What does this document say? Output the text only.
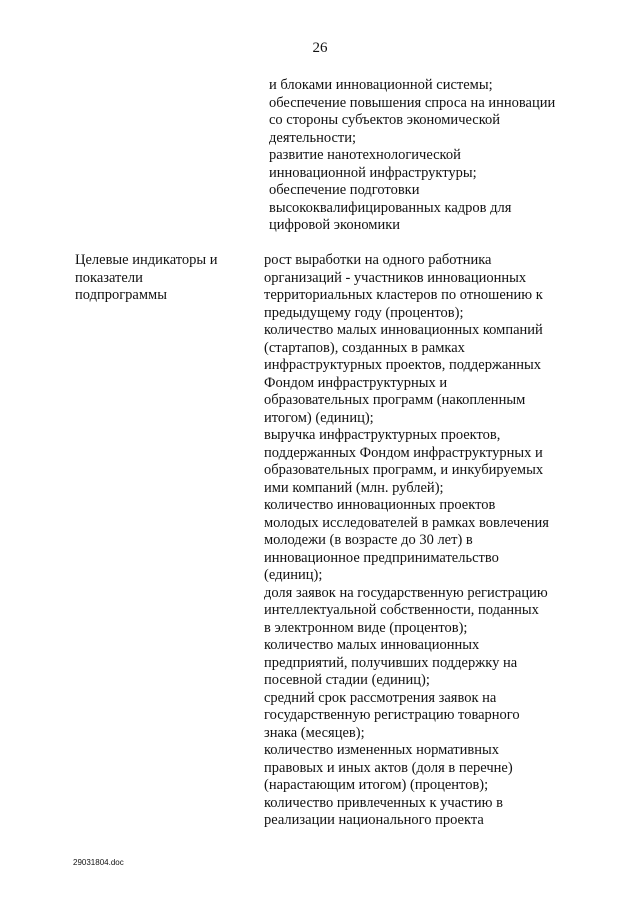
26
и блоками инновационной системы;
обеспечение повышения спроса на инновации
со стороны субъектов экономической
деятельности;
развитие нанотехнологической
инновационной инфраструктуры;
обеспечение подготовки
высококвалифицированных кадров для
цифровой экономики
Целевые индикаторы и
показатели
подпрограммы
рост выработки на одного работника
организаций - участников инновационных
территориальных кластеров по отношению к
предыдущему году (процентов);
количество малых инновационных компаний
(стартапов), созданных в рамках
инфраструктурных проектов, поддержанных
Фондом инфраструктурных и
образовательных программ (накопленным
итогом) (единиц);
выручка инфраструктурных проектов,
поддержанных Фондом инфраструктурных и
образовательных программ, и инкубируемых
ими компаний (млн. рублей);
количество инновационных проектов
молодых исследователей в рамках вовлечения
молодежи (в возрасте до 30 лет) в
инновационное предпринимательство
(единиц);
доля заявок на государственную регистрацию
интеллектуальной собственности, поданных
в электронном виде (процентов);
количество малых инновационных
предприятий, получивших поддержку на
посевной стадии (единиц);
средний срок рассмотрения заявок на
государственную регистрацию товарного
знака (месяцев);
количество измененных нормативных
правовых и иных актов (доля в перечне)
(нарастающим итогом) (процентов);
количество привлеченных к участию в
реализации национального проекта
29031804.doc
